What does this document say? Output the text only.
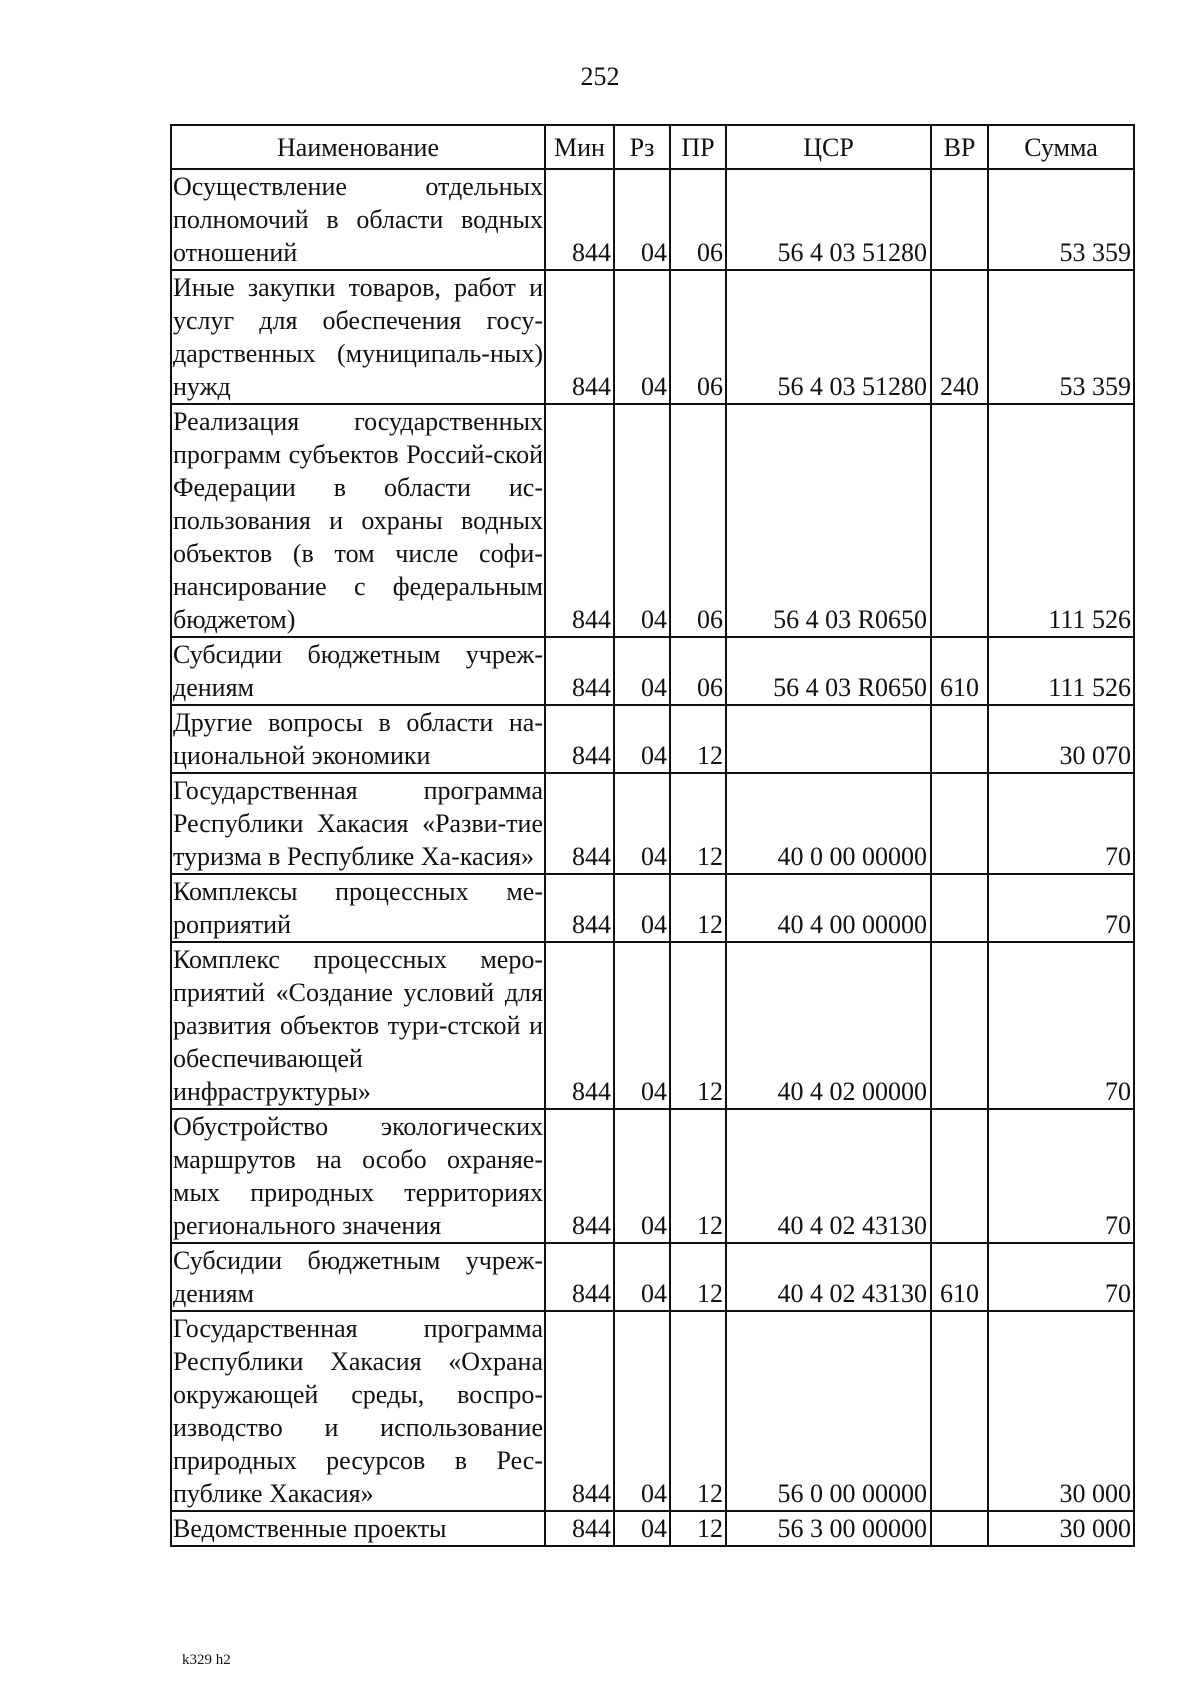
252
Наименование	Мин	Рз	ПР	ЦСР	ВР	Сумма
Осуществление отдельных полномочий в области водных отношений	844	04	06	56 4 03 51280		53 359
Иные закупки товаров, работ и услуг для обеспечения госу-дарственных (муниципаль-ных) нужд	844	04	06	56 4 03 51280	240	53 359
Реализация государственных программ субъектов Россий-ской Федерации в области ис-пользования и охраны водных объектов (в том числе софи-нансирование с федеральным бюджетом)	844	04	06	56 4 03 R0650		111 526
Субсидии бюджетным учреж-дениям	844	04	06	56 4 03 R0650	610	111 526
Другие вопросы в области на-циональной экономики	844	04	12			30 070
Государственная программа Республики Хакасия «Разви-тие туризма в Республике Ха-касия»	844	04	12	40 0 00 00000		70
Комплексы процессных ме-роприятий	844	04	12	40 4 00 00000		70
Комплекс процессных меро-приятий «Создание условий для развития объектов тури-стской и обеспечивающей инфраструктуры»	844	04	12	40 4 02 00000		70
Обустройство экологических маршрутов на особо охраняе-мых природных территориях регионального значения	844	04	12	40 4 02 43130		70
Субсидии бюджетным учреж-дениям	844	04	12	40 4 02 43130	610	70
Государственная программа Республики Хакасия «Охрана окружающей среды, воспро-изводство и использование природных ресурсов в Рес-публике Хакасия»	844	04	12	56 0 00 00000		30 000
Ведомственные проекты	844	04	12	56 3 00 00000		30 000
k329 h2
